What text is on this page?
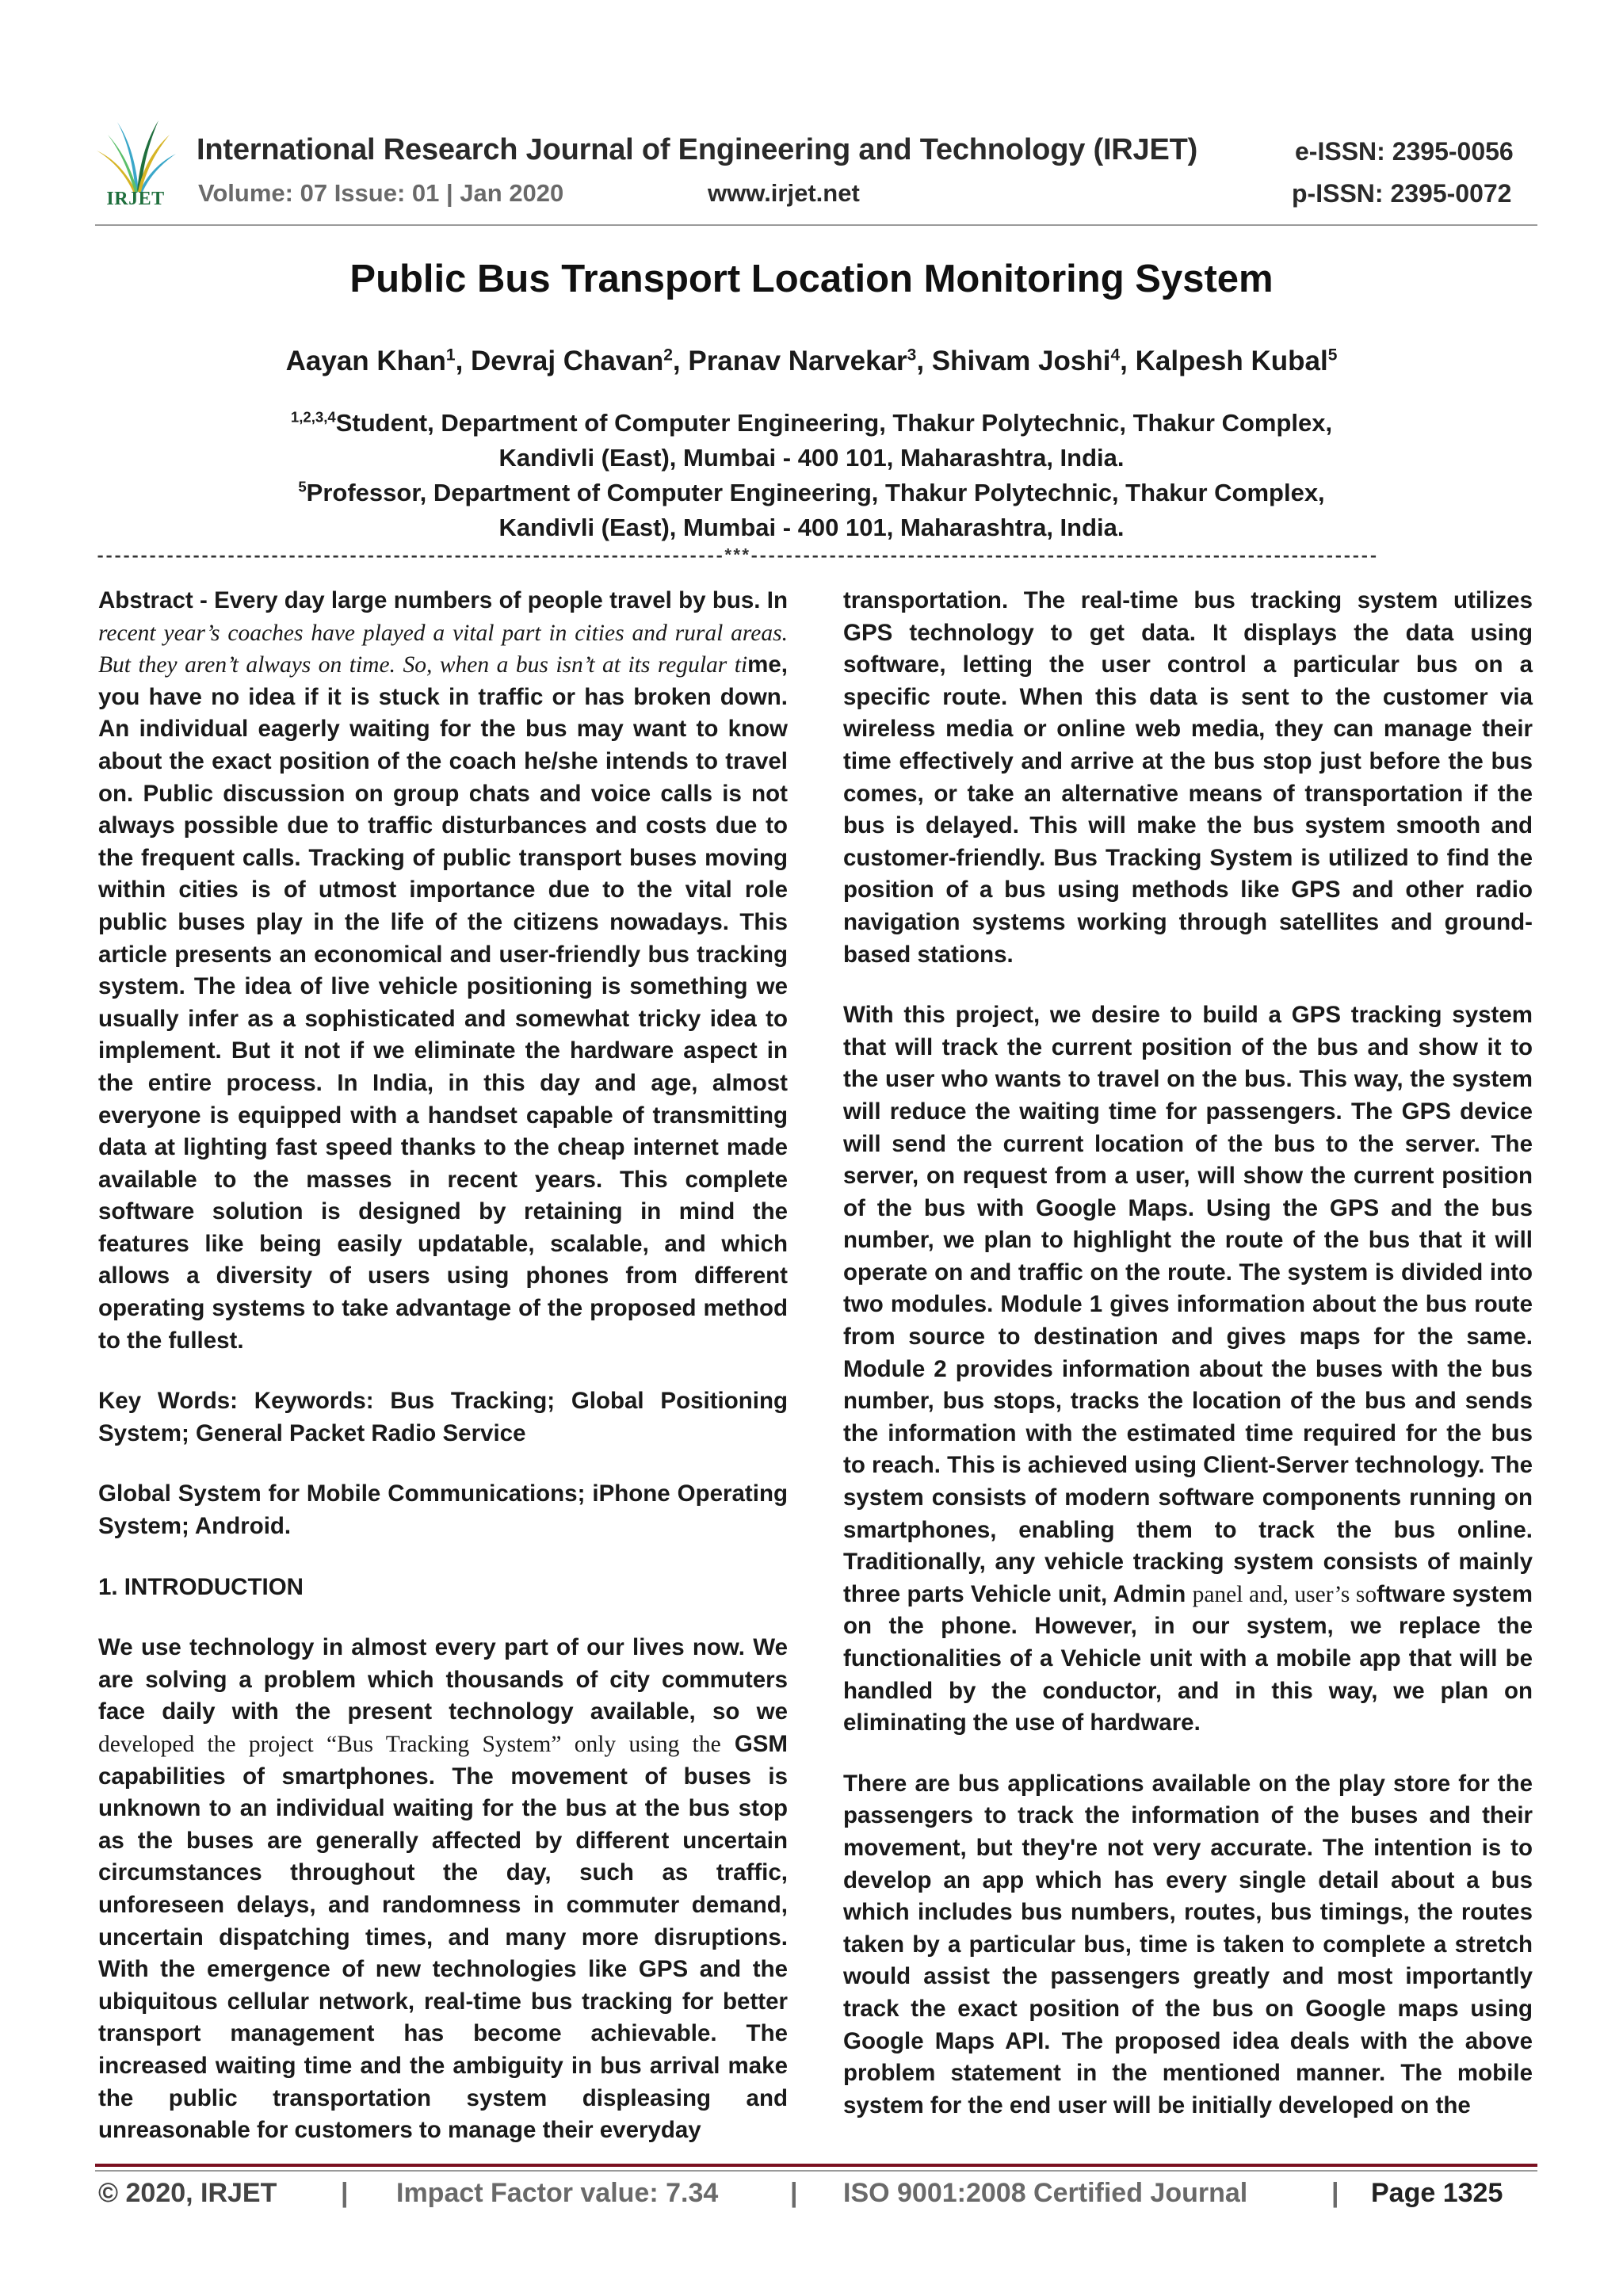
IRJET
International Research Journal of Engineering and Technology (IRJET)	e-ISSN: 2395-0056
Volume: 07 Issue: 01 | Jan 2020	www.irjet.net	p-ISSN: 2395-0072
Public Bus Transport Location Monitoring System
Aayan Khan$^1$, Devraj Chavan$^2$, Pranav Narvekar$^3$, Shivam Joshi$^4$, Kalpesh Kubal$^5$
$^{1,2,3,4}$Student, Department of Computer Engineering, Thakur Polytechnic, Thakur Complex,
Kandivli (East), Mumbai - 400 101, Maharashtra, India.
$^5$Professor, Department of Computer Engineering, Thakur Polytechnic, Thakur Complex,
Kandivli (East), Mumbai - 400 101, Maharashtra, India.
------------------------------------------------------------------------***------------------------------------------------------------------------

Abstract - Every day large numbers of people travel by bus. In recent year’s coaches have played a vital part in cities and rural areas. But they aren’t always on time. So, when a bus isn’t at its regular time, you have no idea if it is stuck in traffic or has broken down. An individual eagerly waiting for the bus may want to know about the exact position of the coach he/she intends to travel on. Public discussion on group chats and voice calls is not always possible due to traffic disturbances and costs due to the frequent calls. Tracking of public transport buses moving within cities is of utmost importance due to the vital role public buses play in the life of the citizens nowadays. This article presents an economical and user-friendly bus tracking system. The idea of live vehicle positioning is something we usually infer as a sophisticated and somewhat tricky idea to implement. But it not if we eliminate the hardware aspect in the entire process. In India, in this day and age, almost everyone is equipped with a handset capable of transmitting data at lighting fast speed thanks to the cheap internet made available to the masses in recent years. This complete software solution is designed by retaining in mind the features like being easily updatable, scalable, and which allows a diversity of users using phones from different operating systems to take advantage of the proposed method to the fullest.

Key Words: Keywords: Bus Tracking; Global Positioning System; General Packet Radio Service

Global System for Mobile Communications; iPhone Operating System; Android.

1. INTRODUCTION

We use technology in almost every part of our lives now. We are solving a problem which thousands of city commuters face daily with the present technology available, so we developed the project “Bus Tracking System” only using the GSM capabilities of smartphones. The movement of buses is unknown to an individual waiting for the bus at the bus stop as the buses are generally affected by different uncertain circumstances throughout the day, such as traffic, unforeseen delays, and randomness in commuter demand, uncertain dispatching times, and many more disruptions. With the emergence of new technologies like GPS and the ubiquitous cellular network, real-time bus tracking for better transport management has become achievable. The increased waiting time and the ambiguity in bus arrival make the public transportation system displeasing and unreasonable for customers to manage their everyday

transportation. The real-time bus tracking system utilizes GPS technology to get data. It displays the data using software, letting the user control a particular bus on a specific route. When this data is sent to the customer via wireless media or online web media, they can manage their time effectively and arrive at the bus stop just before the bus comes, or take an alternative means of transportation if the bus is delayed. This will make the bus system smooth and customer-friendly. Bus Tracking System is utilized to find the position of a bus using methods like GPS and other radio navigation systems working through satellites and ground-based stations.

With this project, we desire to build a GPS tracking system that will track the current position of the bus and show it to the user who wants to travel on the bus. This way, the system will reduce the waiting time for passengers. The GPS device will send the current location of the bus to the server. The server, on request from a user, will show the current position of the bus with Google Maps. Using the GPS and the bus number, we plan to highlight the route of the bus that it will operate on and traffic on the route. The system is divided into two modules. Module 1 gives information about the bus route from source to destination and gives maps for the same. Module 2 provides information about the buses with the bus number, bus stops, tracks the location of the bus and sends the information with the estimated time required for the bus to reach. This is achieved using Client-Server technology. The system consists of modern software components running on smartphones, enabling them to track the bus online. Traditionally, any vehicle tracking system consists of mainly three parts Vehicle unit, Admin panel and, user’s software system on the phone. However, in our system, we replace the functionalities of a Vehicle unit with a mobile app that will be handled by the conductor, and in this way, we plan on eliminating the use of hardware.

There are bus applications available on the play store for the passengers to track the information of the buses and their movement, but they're not very accurate. The intention is to develop an app which has every single detail about a bus which includes bus numbers, routes, bus timings, the routes taken by a particular bus, time is taken to complete a stretch would assist the passengers greatly and most importantly track the exact position of the bus on Google maps using Google Maps API. The proposed idea deals with the above problem statement in the mentioned manner. The mobile system for the end user will be initially developed on the

© 2020, IRJET | Impact Factor value: 7.34	| ISO 9001:2008 Certified Journal	| Page 1325
